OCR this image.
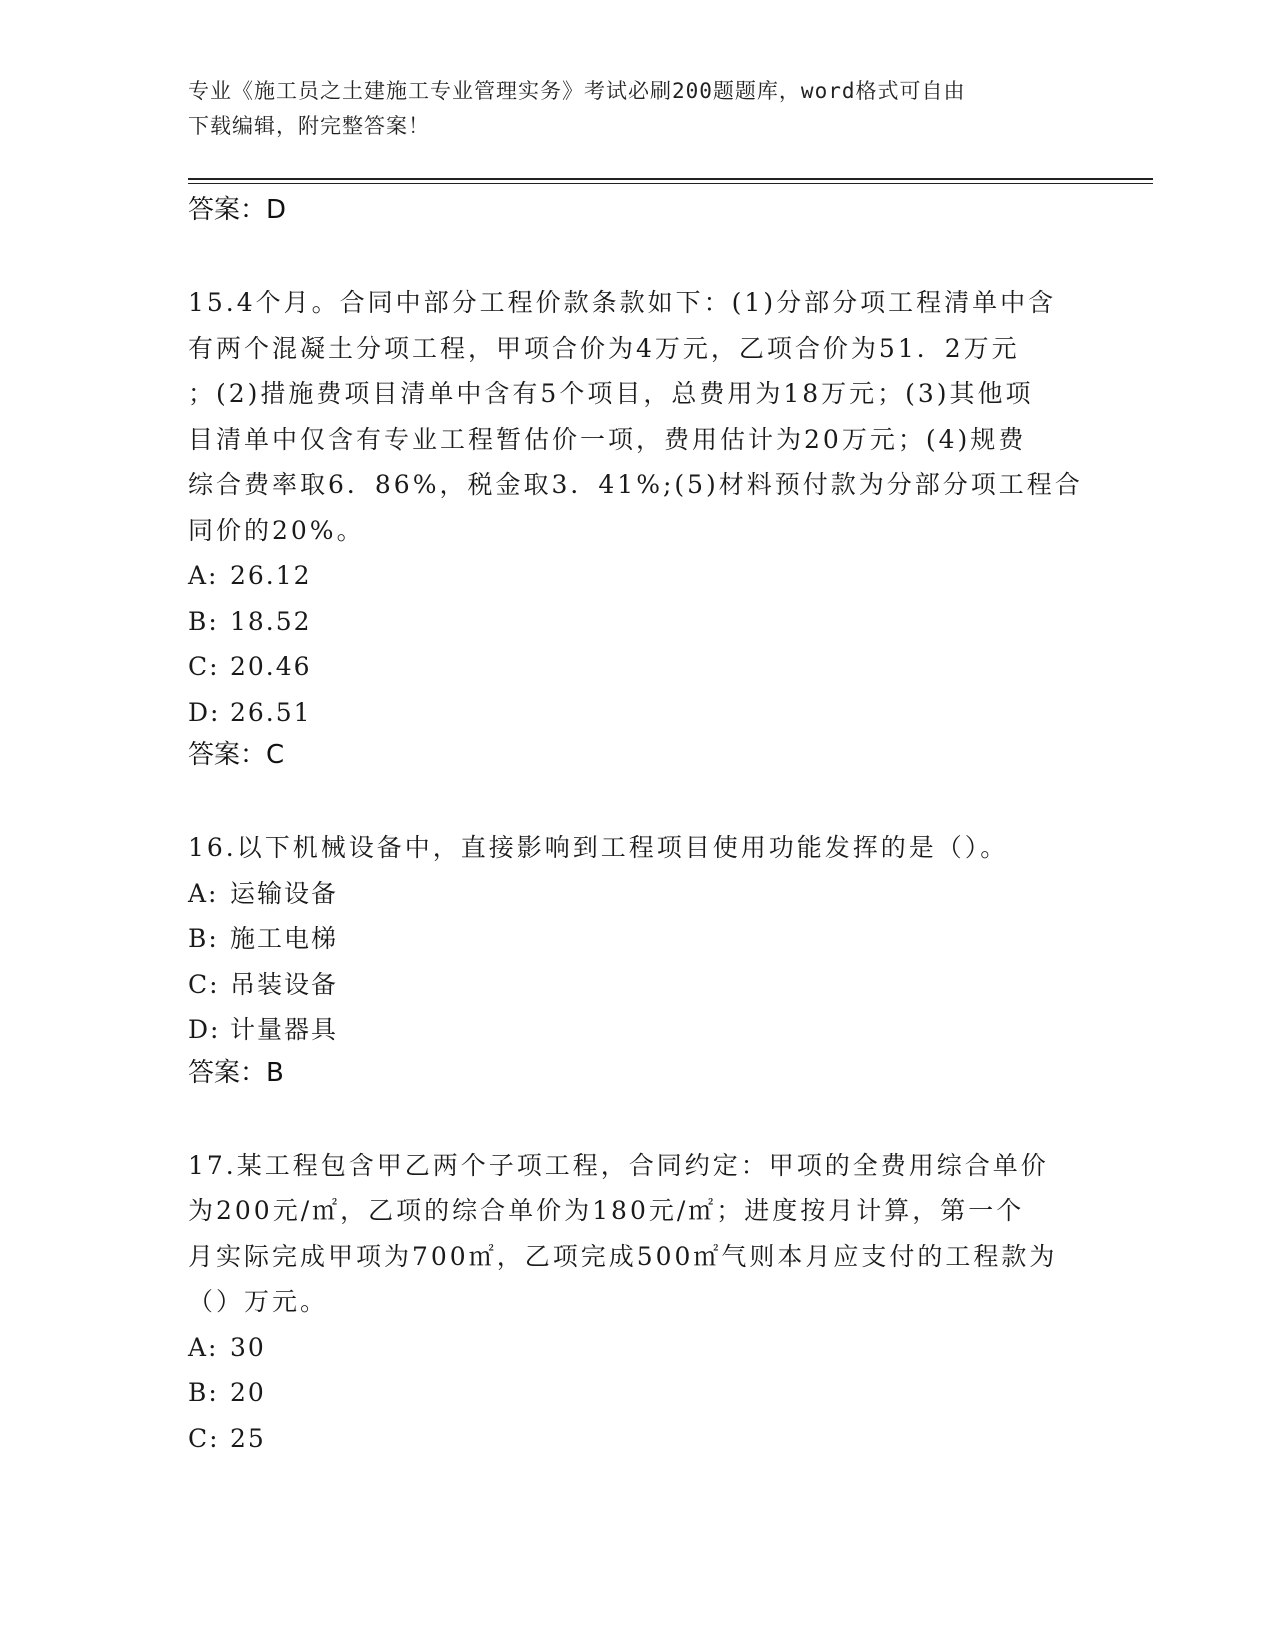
专业《施工员之土建施工专业管理实务》考试必刷200题题库，word格式可自由
下载编辑，附完整答案！
答案：D
15.4个月。合同中部分工程价款条款如下：(1)分部分项工程清单中含
有两个混凝土分项工程，甲项合价为4万元，乙项合价为51．2万元
；(2)措施费项目清单中含有5个项目，总费用为18万元；(3)其他项
目清单中仅含有专业工程暂估价一项，费用估计为20万元；(4)规费
综合费率取6．86%，税金取3．41%;(5)材料预付款为分部分项工程合
同价的20%。
A: 26.12
B: 18.52
C: 20.46
D: 26.51
答案：C
16.以下机械设备中，直接影响到工程项目使用功能发挥的是（）。
A: 运输设备
B: 施工电梯
C: 吊装设备
D: 计量器具
答案：B
17.某工程包含甲乙两个子项工程，合同约定：甲项的全费用综合单价
为200元/㎡，乙项的综合单价为180元/㎡；进度按月计算，第一个
月实际完成甲项为700㎡，乙项完成500㎡气则本月应支付的工程款为
（）万元。
A: 30
B: 20
C: 25
